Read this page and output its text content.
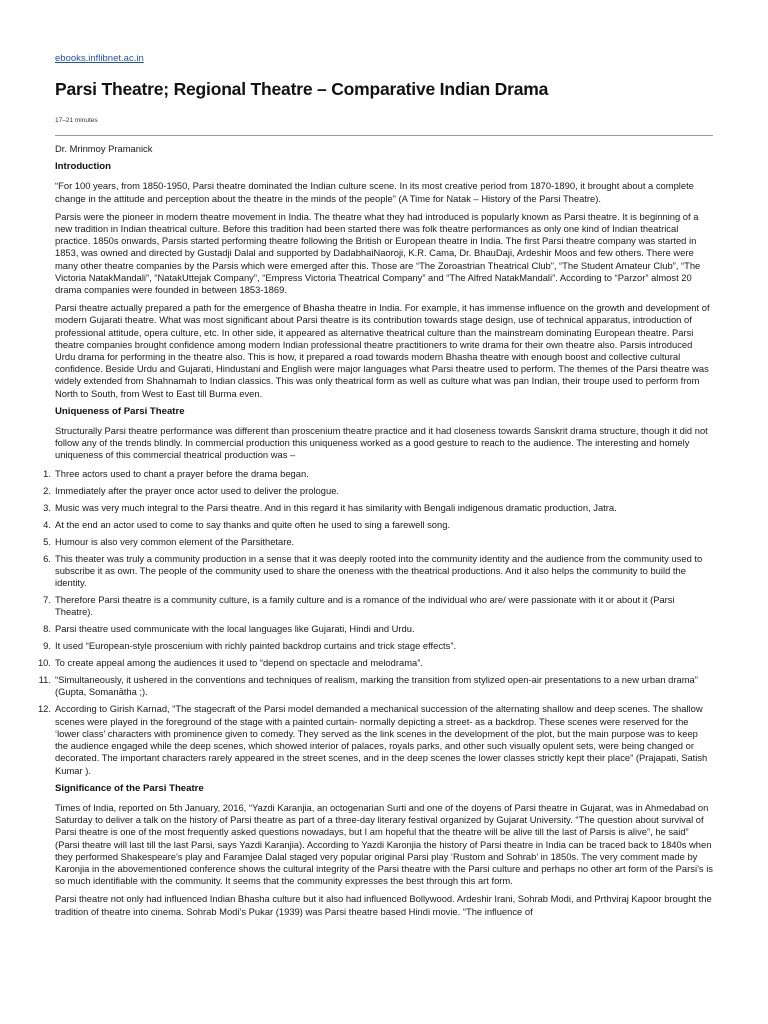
ebooks.inflibnet.ac.in
Parsi Theatre; Regional Theatre – Comparative Indian Drama
17–21 minutes

Dr. Mrinmoy Pramanick

Introduction

“For 100 years, from 1850-1950, Parsi theatre dominated the Indian culture scene. In its most creative period from 1870-1890, it brought about a complete change in the attitude and perception about the theatre in the minds of the people” (A Time for Natak – History of the Parsi Theatre).

Parsis were the pioneer in modern theatre movement in India. The theatre what they had introduced is popularly known as Parsi theatre. It is beginning of a new tradition in Indian theatrical culture. Before this tradition had been started there was folk theatre performances as only one kind of Indian theatrical practice. 1850s onwards, Parsis started performing theatre following the British or European theatre in India. The first Parsi theatre company was started in 1853, was owned and directed by Gustadji Dalal and supported by DadabhaiNaoroji, K.R. Cama, Dr. BhauDaji, Ardeshir Moos and few others. There were many other theatre companies by the Parsis which were emerged after this. Those are “The Zoroastrian Theatrical Club”, “The Student Amateur Club”, “The Victoria NatakMandali”, “NatakUttejak Company”, “Empress Victoria Theatrical Company” and “The Alfred NatakMandali”. According to “Parzor” almost 20 drama companies were founded in between 1853-1869.

Parsi theatre actually prepared a path for the emergence of Bhasha theatre in India. For example, it has immense influence on the growth and development of modern Gujarati theatre. What was most significant about Parsi theatre is its contribution towards stage design, use of technical apparatus, introduction of professional attitude, opera culture, etc. In other side, it appeared as alternative theatrical culture than the mainstream dominating European theatre. Parsi theatre companies brought confidence among modern Indian professional theatre practitioners to write drama for their own theatre also. Parsis introduced Urdu drama for performing in the theatre also. This is how, it prepared a road towards modern Bhasha theatre with enough boost and collective cultural confidence. Beside Urdu and Gujarati, Hindustani and English were major languages what Parsi theatre used to perform. The themes of the Parsi theatre was widely extended from Shahnamah to Indian classics. This was only theatrical form as well as culture what was pan Indian, their troupe used to perform from North to South, from West to East till Burma even.

Uniqueness of Parsi Theatre

Structurally Parsi theatre performance was different than proscenium theatre practice and it had closeness towards Sanskrit drama structure, though it did not follow any of the trends blindly. In commercial production this uniqueness worked as a good gesture to reach to the audience. The interesting and homely uniqueness of this commercial theatrical production was –

1. Three actors used to chant a prayer before the drama began.
2. Immediately after the prayer once actor used to deliver the prologue.
3. Music was very much integral to the Parsi theatre. And in this regard it has similarity with Bengali indigenous dramatic production, Jatra.
4. At the end an actor used to come to say thanks and quite often he used to sing a farewell song.
5. Humour is also very common element of the Parsithetare.
6. This theater was truly a community production in a sense that it was deeply rooted into the community identity and the audience from the community used to subscribe it as own. The people of the community used to share the oneness with the theatrical productions. And it also helps the community to build the identity.
7. Therefore Parsi theatre is a community culture, is a family culture and is a romance of the individual who are/ were passionate with it or about it (Parsi Theatre).
8. Parsi theatre used communicate with the local languages like Gujarati, Hindi and Urdu.
9. It used “European-style proscenium with richly painted backdrop curtains and trick stage effects”.
10. To create appeal among the audiences it used to “depend on spectacle and melodrama”.
11. “Simultaneously, it ushered in the conventions and techniques of realism, marking the transition from stylized open-air presentations to a new urban drama” (Gupta, Somanātha ;).
12. According to Girish Karnad, “The stagecraft of the Parsi model demanded a mechanical succession of the alternating shallow and deep scenes. The shallow scenes were played in the foreground of the stage with a painted curtain- normally depicting a street- as a backdrop. These scenes were reserved for the ‘lower class’ characters with prominence given to comedy. They served as the link scenes in the development of the plot, but the main purpose was to keep the audience engaged while the deep scenes, which showed interior of palaces, royals parks, and other such visually opulent sets, were being changed or decorated. The important characters rarely appeared in the street scenes, and in the deep scenes the lower classes strictly kept their place” (Prajapati, Satish Kumar ).
Significance of the Parsi Theatre

Times of India, reported on 5th January, 2016, “Yazdi Karanjia, an octogenarian Surti and one of the doyens of Parsi theatre in Gujarat, was in Ahmedabad on Saturday to deliver a talk on the history of Parsi theatre as part of a three-day literary festival organized by Gujarat University. “The question about survival of Parsi theatre is one of the most frequently asked questions nowadays, but I am hopeful that the theatre will be alive till the last of Parsis is alive”, he said” (Parsi theatre will last till the last Parsi, says Yazdi Karanjia). According to Yazdi Karonjia the history of Parsi theatre in India can be traced back to 1840s when they performed Shakespeare’s play and Faramjee Dalal staged very popular original Parsi play ‘Rustom and Sohrab’ in 1850s. The very comment made by Karonjia in the abovementioned conference shows the cultural integrity of the Parsi theatre with the Parsi culture and perhaps no other art form of the Parsi’s is so much identifiable with the community. It seems that the community expresses the best through this art form.

Parsi theatre not only had influenced Indian Bhasha culture but it also had influenced Bollywood. Ardeshir Irani, Sohrab Modi, and Prthviraj Kapoor brought the tradition of theatre into cinema. Sohrab Modi’s Pukar (1939) was Parsi theatre based Hindi movie. “The influence of
